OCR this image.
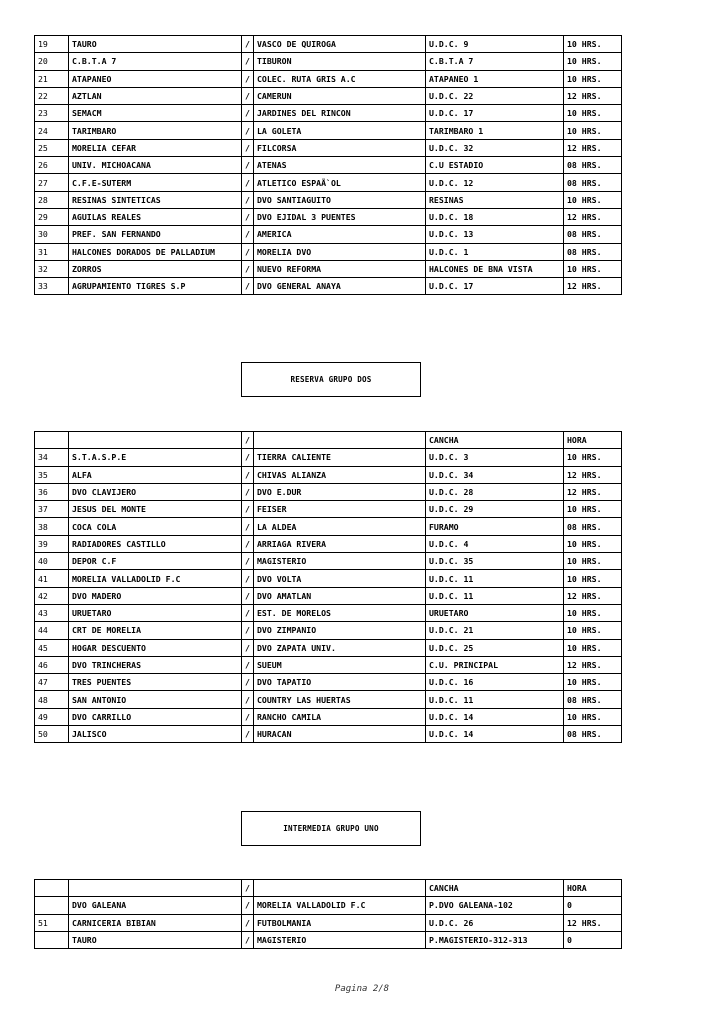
19	TAURO	/	VASCO DE QUIROGA	U.D.C. 9	10 HRS.
20	C.B.T.A 7	/	TIBURON	C.B.T.A 7	10 HRS.
21	ATAPANEO	/	COLEC. RUTA GRIS A.C	ATAPANEO 1	10 HRS.
22	AZTLAN	/	CAMERUN	U.D.C. 22	12 HRS.
23	SEMACM	/	JARDINES DEL RINCON	U.D.C. 17	10 HRS.
24	TARIMBARO	/	LA GOLETA	TARIMBARO 1	10 HRS.
25	MORELIA CEFAR	/	FILCORSA	U.D.C. 32	12 HRS.
26	UNIV. MICHOACANA	/	ATENAS	C.U ESTADIO	08 HRS.
27	C.F.E-SUTERM	/	ATLETICO ESPAÃ`OL	U.D.C. 12	08 HRS.
28	RESINAS SINTETICAS	/	DVO SANTIAGUITO	RESINAS	10 HRS.
29	AGUILAS REALES	/	DVO EJIDAL 3 PUENTES	U.D.C. 18	12 HRS.
30	PREF. SAN FERNANDO	/	AMERICA	U.D.C. 13	08 HRS.
31	HALCONES DORADOS DE PALLADIUM	/	MORELIA DVO	U.D.C. 1	08 HRS.
32	ZORROS	/	NUEVO REFORMA	HALCONES DE BNA VISTA	10 HRS.
33	AGRUPAMIENTO TIGRES S.P	/	DVO GENERAL ANAYA	U.D.C. 17	12 HRS.
RESERVA GRUPO DOS
		/		CANCHA	HORA
34	S.T.A.S.P.E	/	TIERRA CALIENTE	U.D.C. 3	10 HRS.
35	ALFA	/	CHIVAS ALIANZA	U.D.C. 34	12 HRS.
36	DVO CLAVIJERO	/	DVO E.DUR	U.D.C. 28	12 HRS.
37	JESUS DEL MONTE	/	FEISER	U.D.C. 29	10 HRS.
38	COCA COLA	/	LA ALDEA	FURAMO	08 HRS.
39	RADIADORES CASTILLO	/	ARRIAGA RIVERA	U.D.C. 4	10 HRS.
40	DEPOR C.F	/	MAGISTERIO	U.D.C. 35	10 HRS.
41	MORELIA VALLADOLID F.C	/	DVO VOLTA	U.D.C. 11	10 HRS.
42	DVO MADERO	/	DVO AMATLAN	U.D.C. 11	12 HRS.
43	URUETARO	/	EST. DE MORELOS	URUETARO	10 HRS.
44	CRT DE MORELIA	/	DVO ZIMPANIO	U.D.C. 21	10 HRS.
45	HOGAR DESCUENTO	/	DVO ZAPATA UNIV.	U.D.C. 25	10 HRS.
46	DVO TRINCHERAS	/	SUEUM	C.U. PRINCIPAL	12 HRS.
47	TRES PUENTES	/	DVO TAPATIO	U.D.C. 16	10 HRS.
48	SAN ANTONIO	/	COUNTRY LAS HUERTAS	U.D.C. 11	08 HRS.
49	DVO CARRILLO	/	RANCHO CAMILA	U.D.C. 14	10 HRS.
50	JALISCO	/	HURACAN	U.D.C. 14	08 HRS.
INTERMEDIA GRUPO UNO
		/		CANCHA	HORA
	DVO GALEANA	/	MORELIA VALLADOLID F.C	P.DVO GALEANA-102	0
51	CARNICERIA BIBIAN	/	FUTBOLMANIA	U.D.C. 26	12 HRS.
	TAURO	/	MAGISTERIO	P.MAGISTERIO-312-313	0
Pagina 2/8
